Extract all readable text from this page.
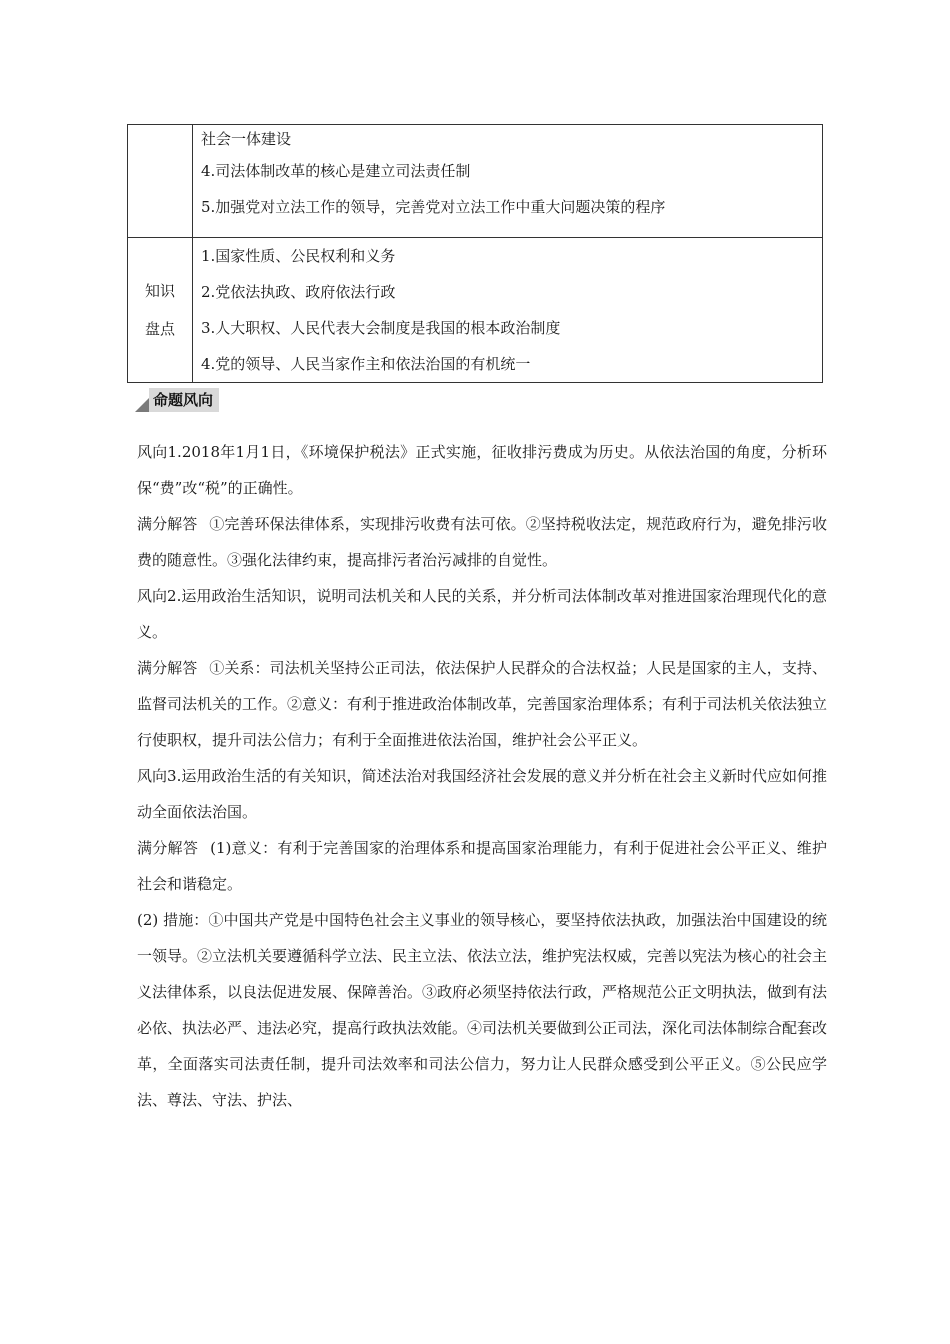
社会一体建设
4.司法体制改革的核心是建立司法责任制
5.加强党对立法工作的领导，完善党对立法工作中重大问题决策的程序
知识
盘点
1.国家性质、公民权利和义务
2.党依法执政、政府依法行政
3.人大职权、人民代表大会制度是我国的根本政治制度
4.党的领导、人民当家作主和依法治国的有机统一
命题风向

风向1.2018年1月1日，《环境保护税法》正式实施，征收排污费成为历史。从依法治国的角度，分析环保“费”改“税”的正确性。

满分解答 ①完善环保法律体系，实现排污收费有法可依。②坚持税收法定，规范政府行为，避免排污收费的随意性。③强化法律约束，提高排污者治污减排的自觉性。

风向2.运用政治生活知识，说明司法机关和人民的关系，并分析司法体制改革对推进国家治理现代化的意义。

满分解答 ①关系：司法机关坚持公正司法，依法保护人民群众的合法权益；人民是国家的主人，支持、监督司法机关的工作。②意义：有利于推进政治体制改革，完善国家治理体系；有利于司法机关依法独立行使职权，提升司法公信力；有利于全面推进依法治国，维护社会公平正义。

风向3.运用政治生活的有关知识，简述法治对我国经济社会发展的意义并分析在社会主义新时代应如何推动全面依法治国。

满分解答 (1)意义：有利于完善国家的治理体系和提高国家治理能力，有利于促进社会公平正义、维护社会和谐稳定。

(2) 措施：①中国共产党是中国特色社会主义事业的领导核心，要坚持依法执政，加强法治中国建设的统一领导。②立法机关要遵循科学立法、民主立法、依法立法，维护宪法权威，完善以宪法为核心的社会主义法律体系，以良法促进发展、保障善治。③政府必须坚持依法行政，严格规范公正文明执法，做到有法必依、执法必严、违法必究，提高行政执法效能。④司法机关要做到公正司法，深化司法体制综合配套改革，全面落实司法责任制，提升司法效率和司法公信力，努力让人民群众感受到公平正义。⑤公民应学法、尊法、守法、护法、
